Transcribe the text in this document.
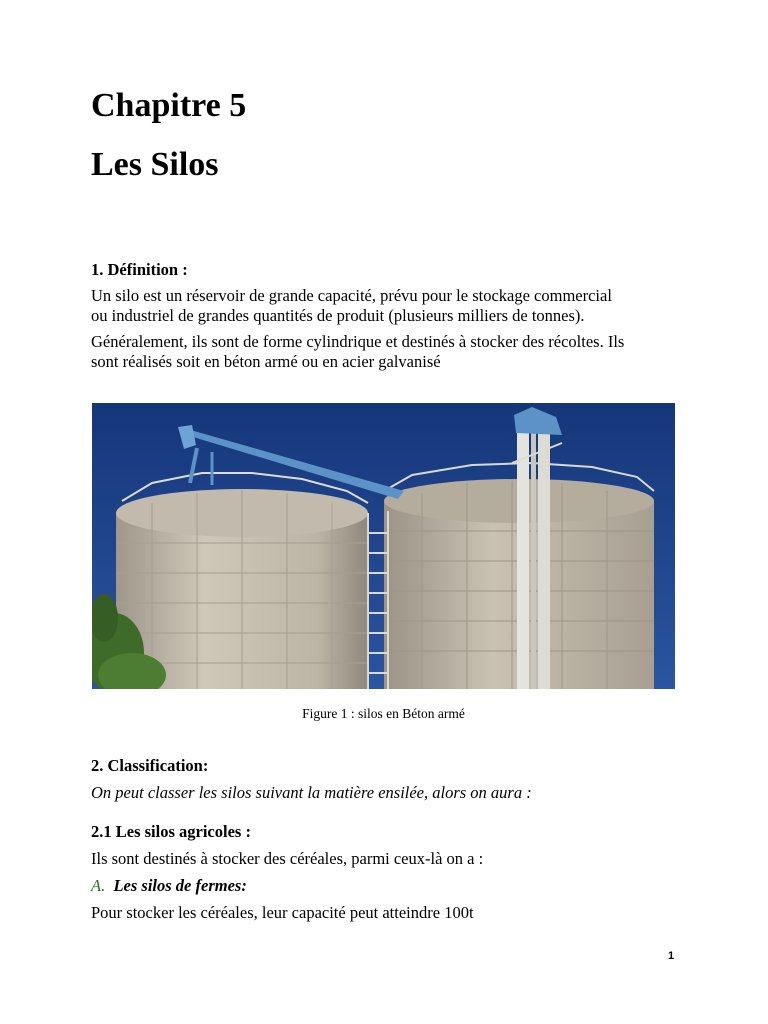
Chapitre 5
Les Silos
1. Définition :
Un silo est un réservoir de grande capacité, prévu pour le stockage commercial
ou industriel de grandes quantités de produit (plusieurs milliers de tonnes).
Généralement, ils sont de forme cylindrique et destinés à stocker des récoltes. Ils
sont réalisés soit en béton armé ou en acier galvanisé
Figure 1 : silos en Béton armé
2. Classification:
On peut classer les silos suivant la matière ensilée, alors on aura :
2.1 Les silos agricoles :
Ils sont destinés à stocker des céréales, parmi ceux-là on a :
A. Les silos de fermes:
Pour stocker les céréales, leur capacité peut atteindre 100t
1
